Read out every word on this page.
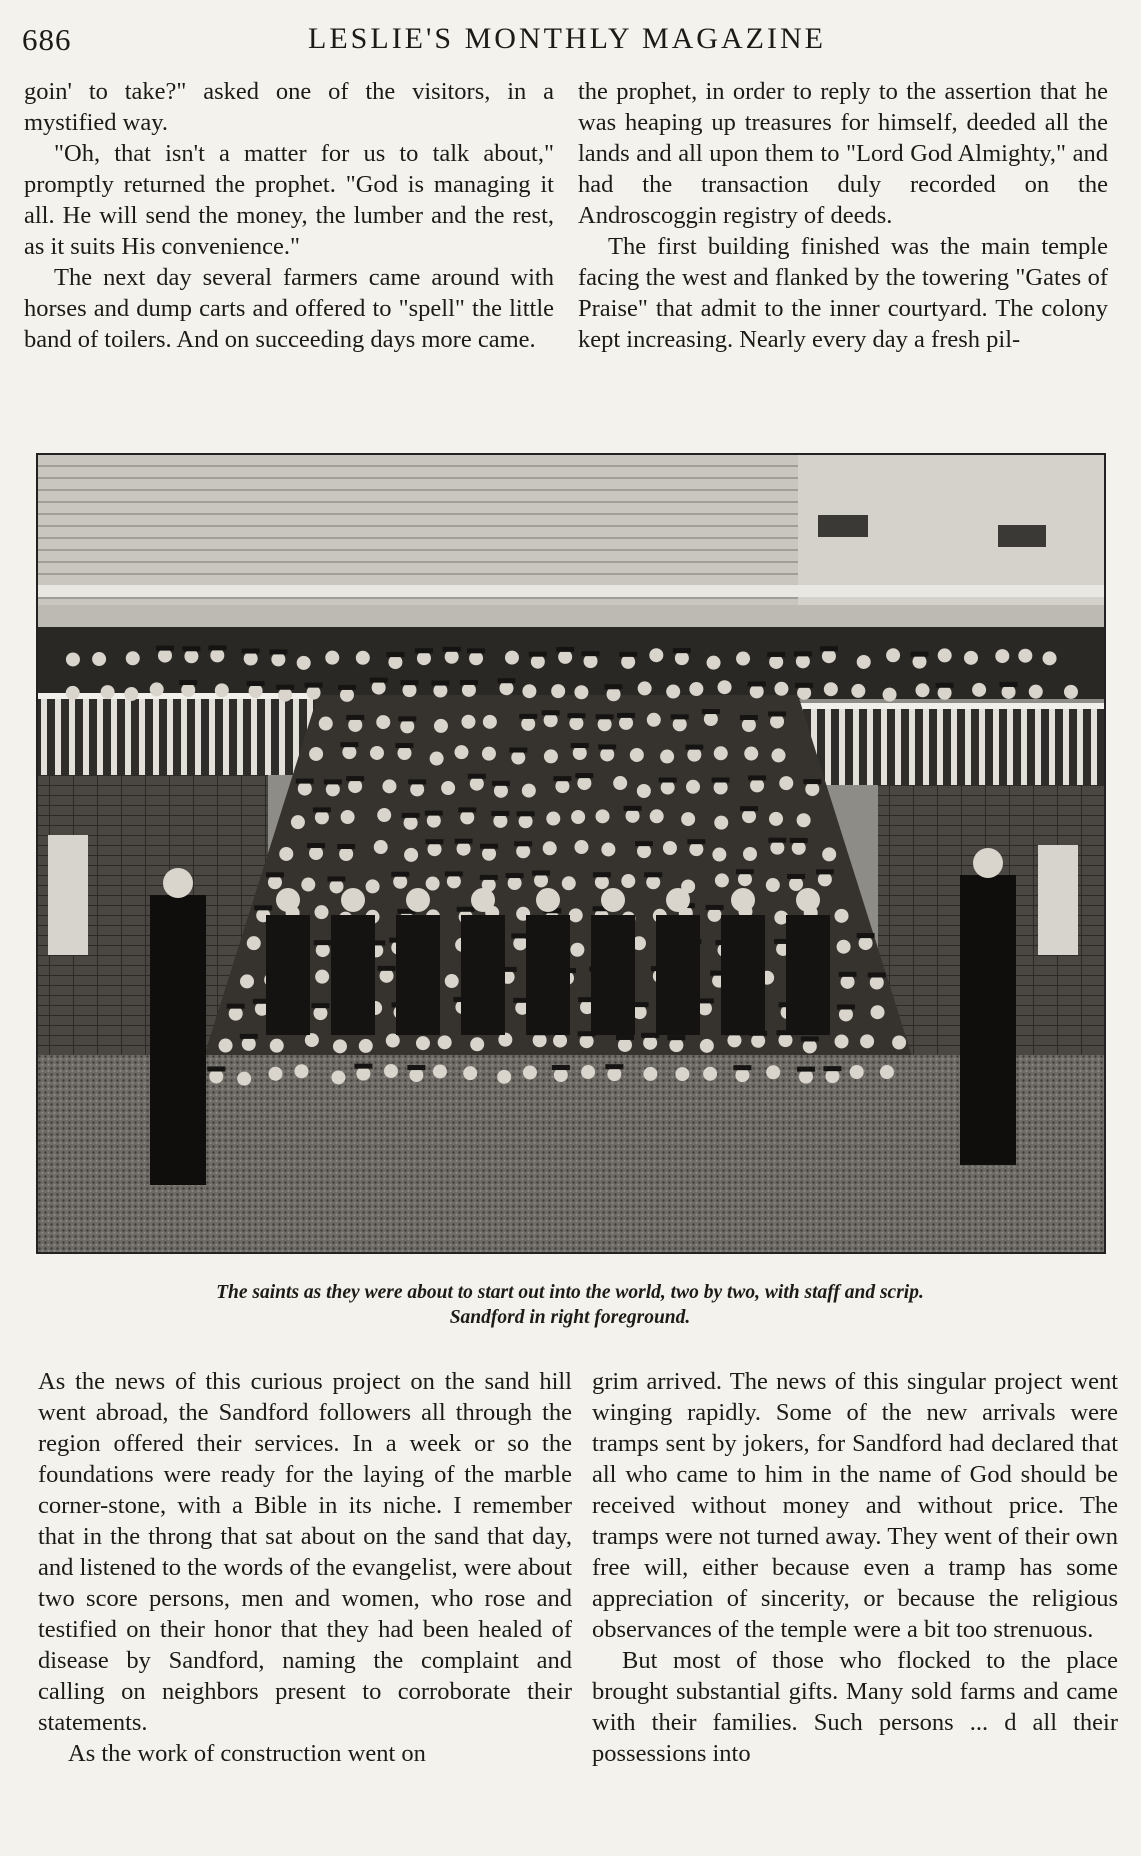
686	LESLIE'S MONTHLY MAGAZINE

goin' to take?" asked one of the visitors, in a mystified way.

"Oh, that isn't a matter for us to talk about," promptly returned the prophet. "God is managing it all. He will send the money, the lumber and the rest, as it suits His convenience."

The next day several farmers came around with horses and dump carts and offered to "spell" the little band of toilers. And on succeeding days more came.

the prophet, in order to reply to the assertion that he was heaping up treasures for himself, deeded all the lands and all upon them to "Lord God Almighty," and had the transaction duly recorded on the Androscoggin registry of deeds.

The first building finished was the main temple facing the west and flanked by the towering "Gates of Praise" that admit to the inner courtyard. The colony kept increasing. Nearly every day a fresh pil-

The saints as they were about to start out into the world, two by two, with staff and scrip.
Sandford in right foreground.

As the news of this curious project on the sand hill went abroad, the Sandford followers all through the region offered their services. In a week or so the foundations were ready for the laying of the marble corner-stone, with a Bible in its niche. I remember that in the throng that sat about on the sand that day, and listened to the words of the evangelist, were about two score persons, men and women, who rose and testified on their honor that they had been healed of disease by Sandford, naming the complaint and calling on neighbors present to corroborate their statements.

As the work of construction went on

grim arrived. The news of this singular project went winging rapidly. Some of the new arrivals were tramps sent by jokers, for Sandford had declared that all who came to him in the name of God should be received without money and without price. The tramps were not turned away. They went of their own free will, either because even a tramp has some appreciation of sincerity, or because the religious observances of the temple were a bit too strenuous.

But most of those who flocked to the place brought substantial gifts. Many sold farms and came with their families. Such persons ... d all their possessions into
